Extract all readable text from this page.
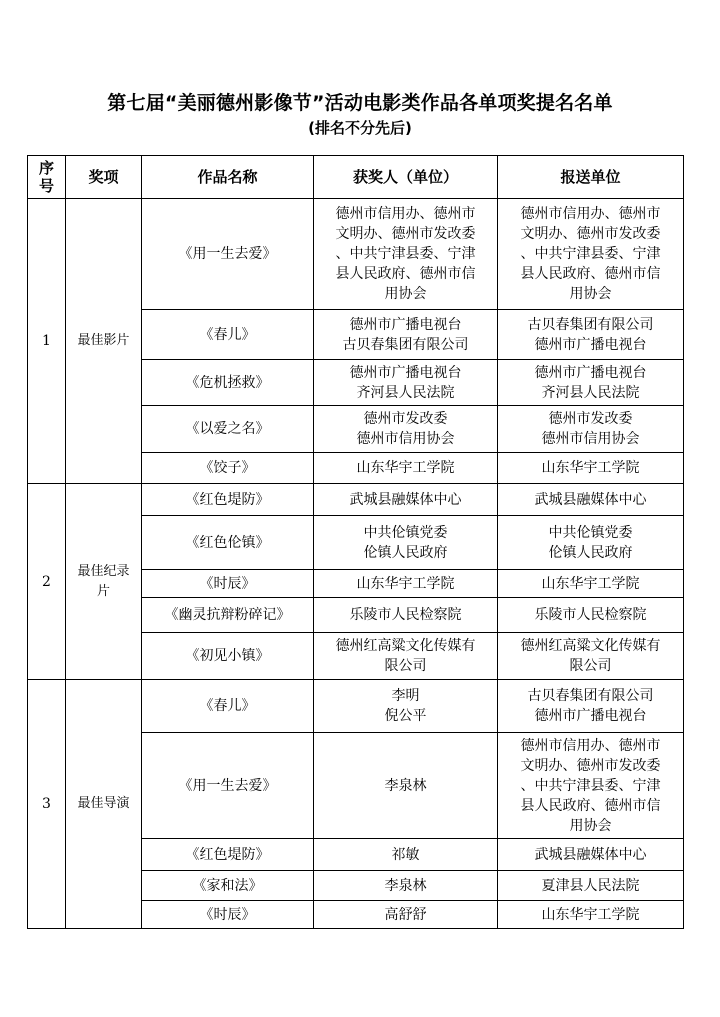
第七届“美丽德州影像节”活动电影类作品各单项奖提名名单
(排名不分先后)
序
号	奖项	作品名称	获奖人（单位）	报送单位
1	最佳影片	《用一生去爱》	德州市信用办、德州市
文明办、德州市发改委
、中共宁津县委、宁津
县人民政府、德州市信
用协会	德州市信用办、德州市
文明办、德州市发改委
、中共宁津县委、宁津
县人民政府、德州市信
用协会
		《春儿》	德州市广播电视台
古贝春集团有限公司	古贝春集团有限公司
德州市广播电视台
		《危机拯救》	德州市广播电视台
齐河县人民法院	德州市广播电视台
齐河县人民法院
		《以爱之名》	德州市发改委
德州市信用协会	德州市发改委
德州市信用协会
		《饺子》	山东华宇工学院	山东华宇工学院
2	最佳纪录
片	《红色堤防》	武城县融媒体中心	武城县融媒体中心
		《红色伦镇》	中共伦镇党委
伦镇人民政府	中共伦镇党委
伦镇人民政府
		《时辰》	山东华宇工学院	山东华宇工学院
		《幽灵抗辩粉碎记》	乐陵市人民检察院	乐陵市人民检察院
		《初见小镇》	德州红高粱文化传媒有
限公司	德州红高粱文化传媒有
限公司
3	最佳导演	《春儿》	李明
倪公平	古贝春集团有限公司
德州市广播电视台
		《用一生去爱》	李泉林	德州市信用办、德州市
文明办、德州市发改委
、中共宁津县委、宁津
县人民政府、德州市信
用协会
		《红色堤防》	祁敏	武城县融媒体中心
		《家和法》	李泉林	夏津县人民法院
		《时辰》	高舒舒	山东华宇工学院
